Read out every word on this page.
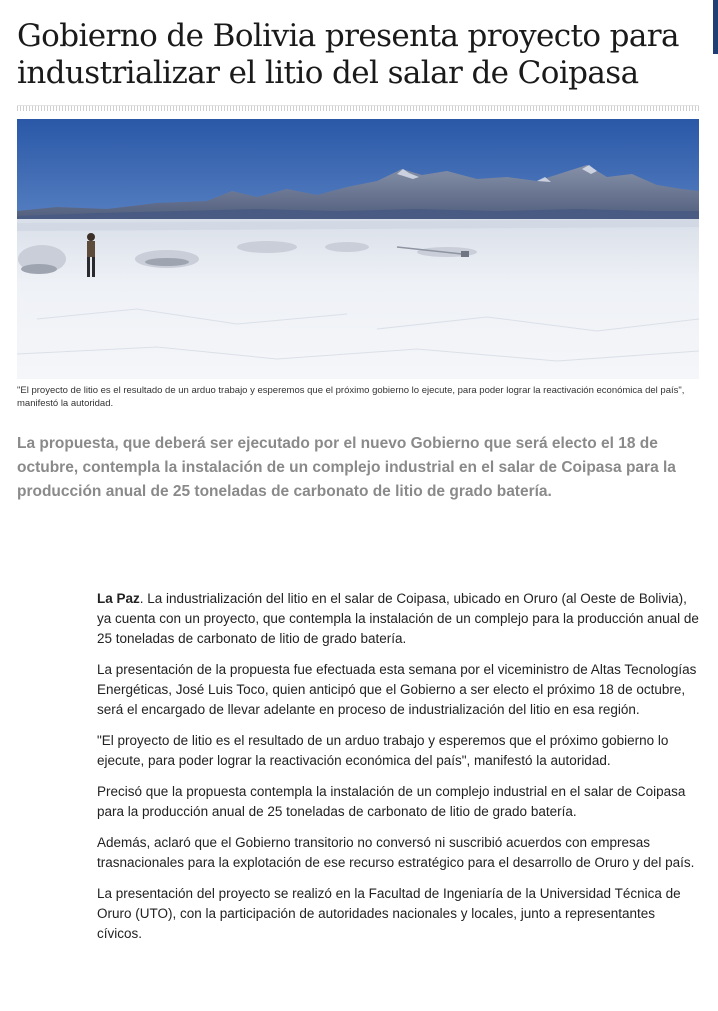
Gobierno de Bolivia presenta proyecto para industrializar el litio del salar de Coipasa
"El proyecto de litio es el resultado de un arduo trabajo y esperemos que el próximo gobierno lo ejecute, para poder lograr la reactivación económica del país", manifestó la autoridad.
La propuesta, que deberá ser ejecutado por el nuevo Gobierno que será electo el 18 de octubre, contempla la instalación de un complejo industrial en el salar de Coipasa para la producción anual de 25 toneladas de carbonato de litio de grado batería.

La Paz. La industrialización del litio en el salar de Coipasa, ubicado en Oruro (al Oeste de Bolivia), ya cuenta con un proyecto, que contempla la instalación de un complejo para la producción anual de 25 toneladas de carbonato de litio de grado batería.

La presentación de la propuesta fue efectuada esta semana por el viceministro de Altas Tecnologías Energéticas, José Luis Toco, quien anticipó que el Gobierno a ser electo el próximo 18 de octubre, será el encargado de llevar adelante en proceso de industrialización del litio en esa región.

"El proyecto de litio es el resultado de un arduo trabajo y esperemos que el próximo gobierno lo ejecute, para poder lograr la reactivación económica del país", manifestó la autoridad.

Precisó que la propuesta contempla la instalación de un complejo industrial en el salar de Coipasa para la producción anual de 25 toneladas de carbonato de litio de grado batería.

Además, aclaró que el Gobierno transitorio no conversó ni suscribió acuerdos con empresas trasnacionales para la explotación de ese recurso estratégico para el desarrollo de Oruro y del país.

La presentación del proyecto se realizó en la Facultad de Ingeniaría de la Universidad Técnica de Oruro (UTO), con la participación de autoridades nacionales y locales, junto a representantes cívicos.
